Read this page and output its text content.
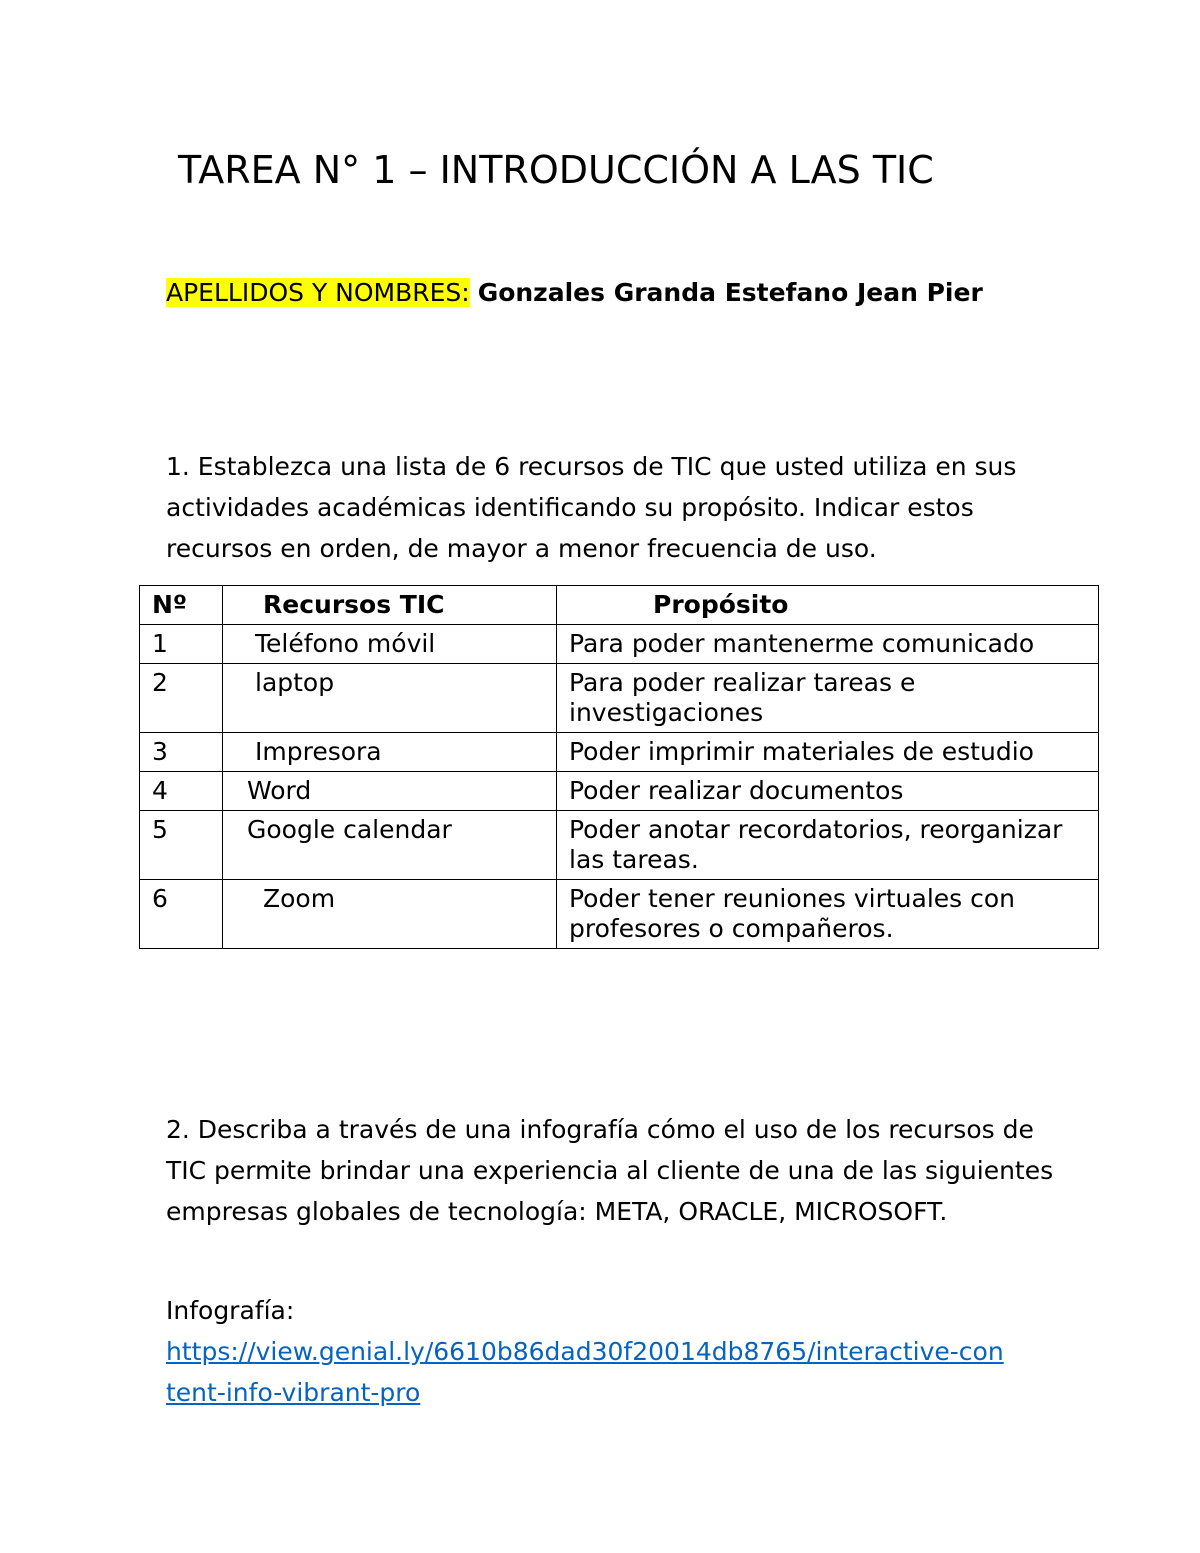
TAREA N° 1 – INTRODUCCIÓN A LAS TIC
APELLIDOS Y NOMBRES: Gonzales Granda Estefano Jean Pier

1. Establezca una lista de 6 recursos de TIC que usted utiliza en sus actividades académicas identificando su propósito. Indicar estos recursos en orden, de mayor a menor frecuencia de uso.

Nº	Recursos TIC	Propósito
1	Teléfono móvil	Para poder mantenerme comunicado
2	laptop	Para poder realizar tareas e investigaciones
3	Impresora	Poder imprimir materiales de estudio
4	Word	Poder realizar documentos
5	Google calendar	Poder anotar recordatorios, reorganizar las tareas.
6	Zoom	Poder tener reuniones virtuales con profesores o compañeros.

2. Describa a través de una infografía cómo el uso de los recursos de TIC permite brindar una experiencia al cliente de una de las siguientes empresas globales de tecnología: META, ORACLE, MICROSOFT.

Infografía:

https://view.genial.ly/6610b86dad30f20014db8765/interactive-content-info-vibrant-pro
